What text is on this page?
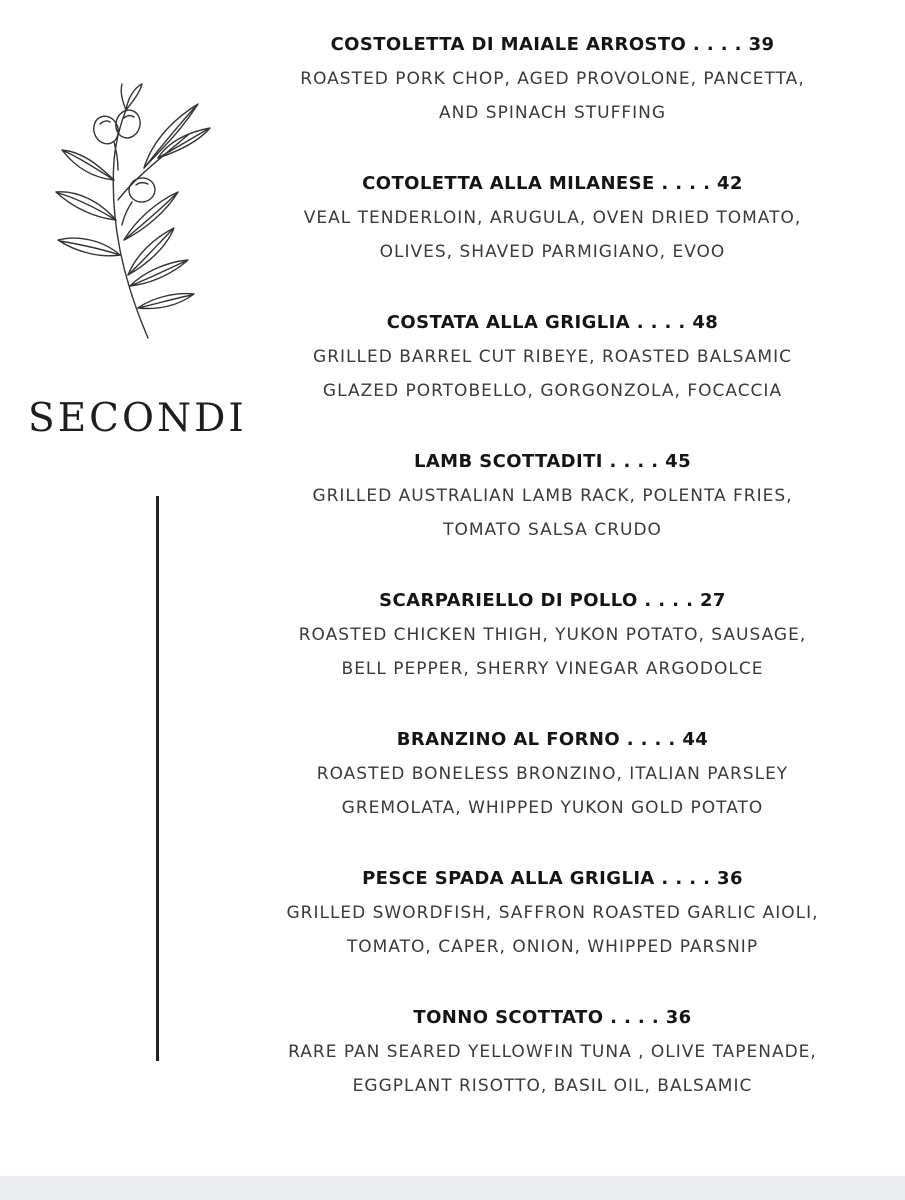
SECONDI
COSTOLETTA DI MAIALE ARROSTO . . . . 39
ROASTED PORK CHOP, AGED PROVOLONE, PANCETTA,
AND SPINACH STUFFING
COTOLETTA ALLA MILANESE . . . . 42
VEAL TENDERLOIN, ARUGULA, OVEN DRIED TOMATO,
OLIVES, SHAVED PARMIGIANO, EVOO
COSTATA ALLA GRIGLIA . . . . 48
GRILLED BARREL CUT RIBEYE, ROASTED BALSAMIC
GLAZED PORTOBELLO, GORGONZOLA, FOCACCIA
LAMB SCOTTADITI . . . . 45
GRILLED AUSTRALIAN LAMB RACK, POLENTA FRIES,
TOMATO SALSA CRUDO
SCARPARIELLO DI POLLO . . . . 27
ROASTED CHICKEN THIGH, YUKON POTATO, SAUSAGE,
BELL PEPPER, SHERRY VINEGAR ARGODOLCE
BRANZINO AL FORNO . . . . 44
ROASTED BONELESS BRONZINO, ITALIAN PARSLEY
GREMOLATA, WHIPPED YUKON GOLD POTATO
PESCE SPADA ALLA GRIGLIA . . . . 36
GRILLED SWORDFISH, SAFFRON ROASTED GARLIC AIOLI,
TOMATO, CAPER, ONION, WHIPPED PARSNIP
TONNO SCOTTATO . . . . 36
RARE PAN SEARED YELLOWFIN TUNA , OLIVE TAPENADE,
EGGPLANT RISOTTO, BASIL OIL, BALSAMIC
